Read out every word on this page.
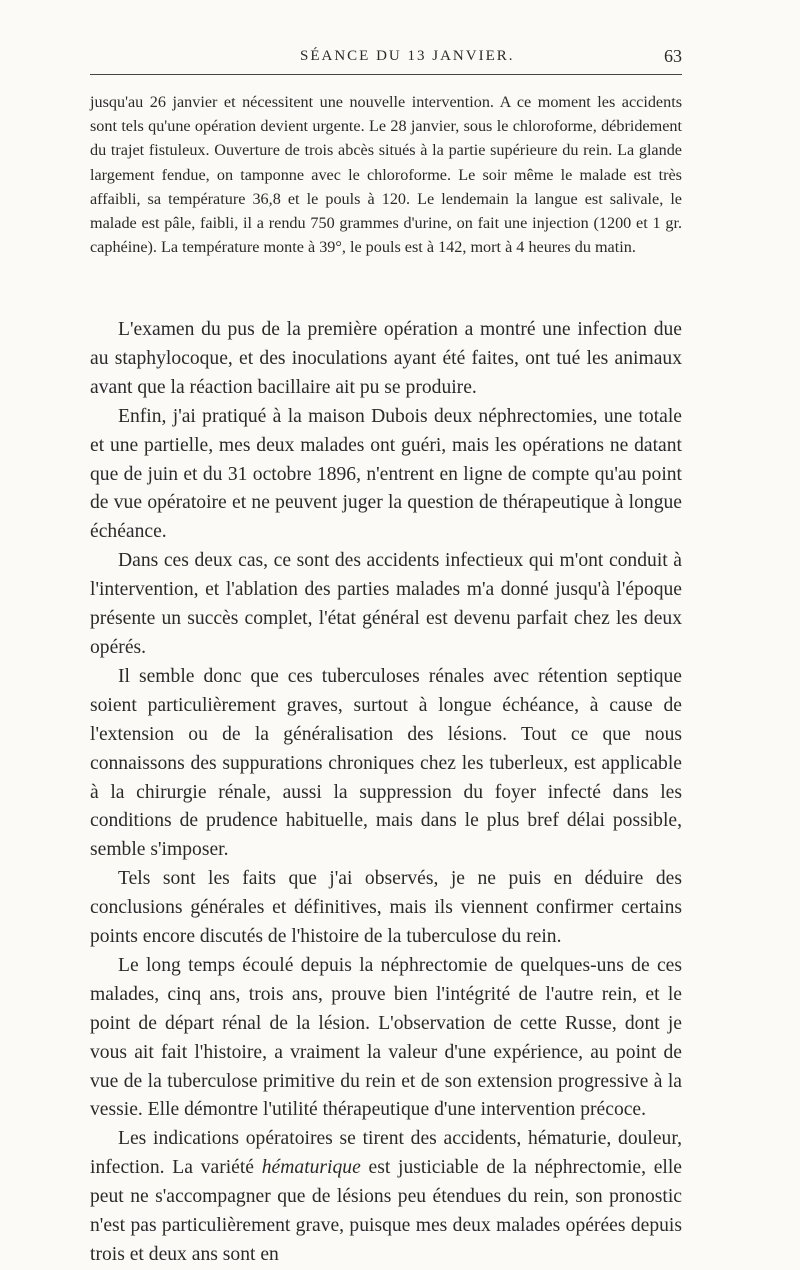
SÉANCE DU 13 JANVIER.	63

jusqu'au 26 janvier et nécessitent une nouvelle intervention. A ce moment les accidents sont tels qu'une opération devient urgente. Le 28 janvier, sous le chloroforme, débridement du trajet fistuleux. Ouverture de trois abcès situés à la partie supérieure du rein. La glande largement fendue, on tamponne avec le chloroforme. Le soir même le malade est très affaibli, sa température 36,8 et le pouls à 120. Le lendemain la langue est salivale, le malade est pâle, faibli, il a rendu 750 grammes d'urine, on fait une injection (1200 et 1 gr. caphéine). La température monte à 39°, le pouls est à 142, mort à 4 heures du matin.

L'examen du pus de la première opération a montré une infection due au staphylocoque, et des inoculations ayant été faites, ont tué les animaux avant que la réaction bacillaire ait pu se produire.

Enfin, j'ai pratiqué à la maison Dubois deux néphrectomies, une totale et une partielle, mes deux malades ont guéri, mais les opérations ne datant que de juin et du 31 octobre 1896, n'entrent en ligne de compte qu'au point de vue opératoire et ne peuvent juger la question de thérapeutique à longue échéance.

Dans ces deux cas, ce sont des accidents infectieux qui m'ont conduit à l'intervention, et l'ablation des parties malades m'a donné jusqu'à l'époque présente un succès complet, l'état général est devenu parfait chez les deux opérés.

Il semble donc que ces tuberculoses rénales avec rétention septique soient particulièrement graves, surtout à longue échéance, à cause de l'extension ou de la généralisation des lésions. Tout ce que nous connaissons des suppurations chroniques chez les tuberleux, est applicable à la chirurgie rénale, aussi la suppression du foyer infecté dans les conditions de prudence habituelle, mais dans le plus bref délai possible, semble s'imposer.

Tels sont les faits que j'ai observés, je ne puis en déduire des conclusions générales et définitives, mais ils viennent confirmer certains points encore discutés de l'histoire de la tuberculose du rein.

Le long temps écoulé depuis la néphrectomie de quelques-uns de ces malades, cinq ans, trois ans, prouve bien l'intégrité de l'autre rein, et le point de départ rénal de la lésion. L'observation de cette Russe, dont je vous ait fait l'histoire, a vraiment la valeur d'une expérience, au point de vue de la tuberculose primitive du rein et de son extension progressive à la vessie. Elle démontre l'utilité thérapeutique d'une intervention précoce.

Les indications opératoires se tirent des accidents, hématurie, douleur, infection. La variété hématurique est justiciable de la néphrectomie, elle peut ne s'accompagner que de lésions peu étendues du rein, son pronostic n'est pas particulièrement grave, puisque mes deux malades opérées depuis trois et deux ans sont en
